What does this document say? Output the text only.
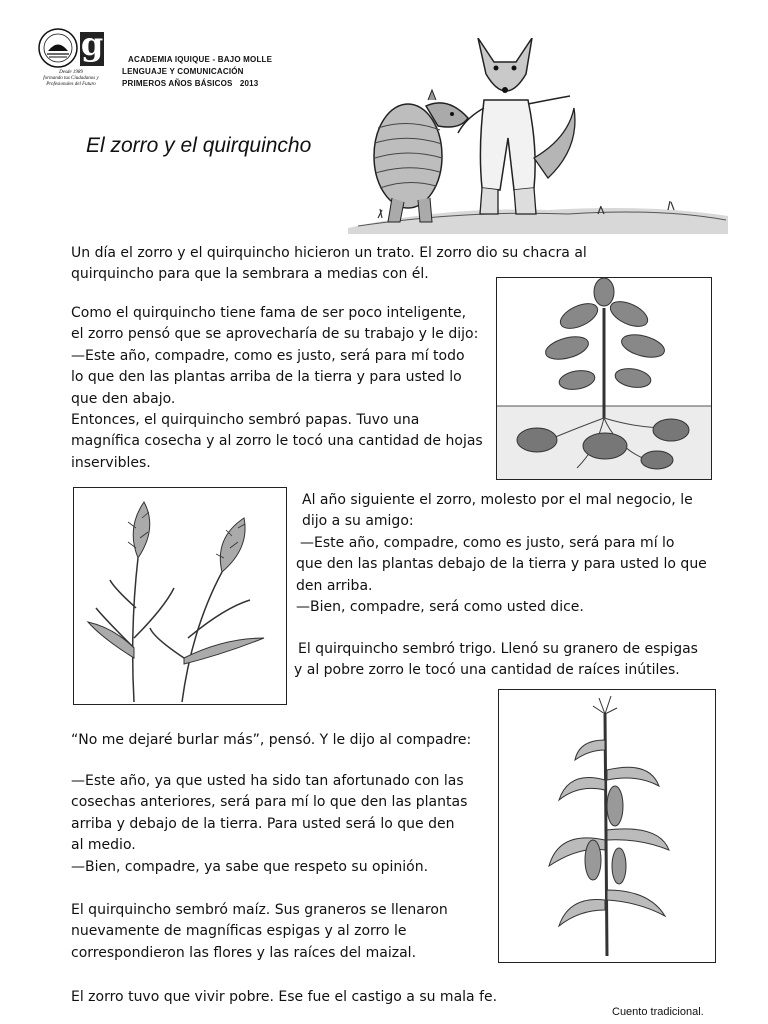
g
Desde 1989
formando tus Ciudadanos y
Profesionales del Futuro
ACADEMIA IQUIQUE - BAJO MOLLE
LENGUAJE Y COMUNICACIÓN
PRIMEROS AÑOS BÁSICOS   2013
El zorro y el quirquincho

Un día el zorro y el quirquincho hicieron un trato. El zorro dio su chacra al

quirquincho para que la sembrara a medias con él.

Como el quirquincho tiene fama de ser poco inteligente,

el zorro pensó que se aprovecharía de su trabajo y le dijo:

—Este año, compadre, como es justo, será para mí todo

lo que den las plantas arriba de la tierra y para usted lo

que den abajo.

Entonces, el quirquincho sembró papas. Tuvo una

magnífica cosecha y al zorro le tocó una cantidad de hojas

inservibles.

Al año siguiente el zorro, molesto por el mal negocio, le

dijo a su amigo:

—Este año, compadre, como es justo, será para mí lo

que den las plantas debajo de la tierra y para usted lo que

den arriba.

—Bien, compadre, será como usted dice.

El quirquincho sembró trigo. Llenó su granero de espigas

y al pobre zorro le tocó una cantidad de raíces inútiles.

“No me dejaré burlar más”, pensó. Y le dijo al compadre:

—Este año, ya que usted ha sido tan afortunado con las

cosechas anteriores, será para mí lo que den las plantas

arriba y debajo de la tierra. Para usted será lo que den

al medio.

—Bien, compadre, ya sabe que respeto su opinión.

El quirquincho sembró maíz. Sus graneros se llenaron

nuevamente de magníficas espigas y al zorro le

correspondieron las flores y las raíces del maizal.

El zorro tuvo que vivir pobre. Ese fue el castigo a su mala fe.

Cuento tradicional.
